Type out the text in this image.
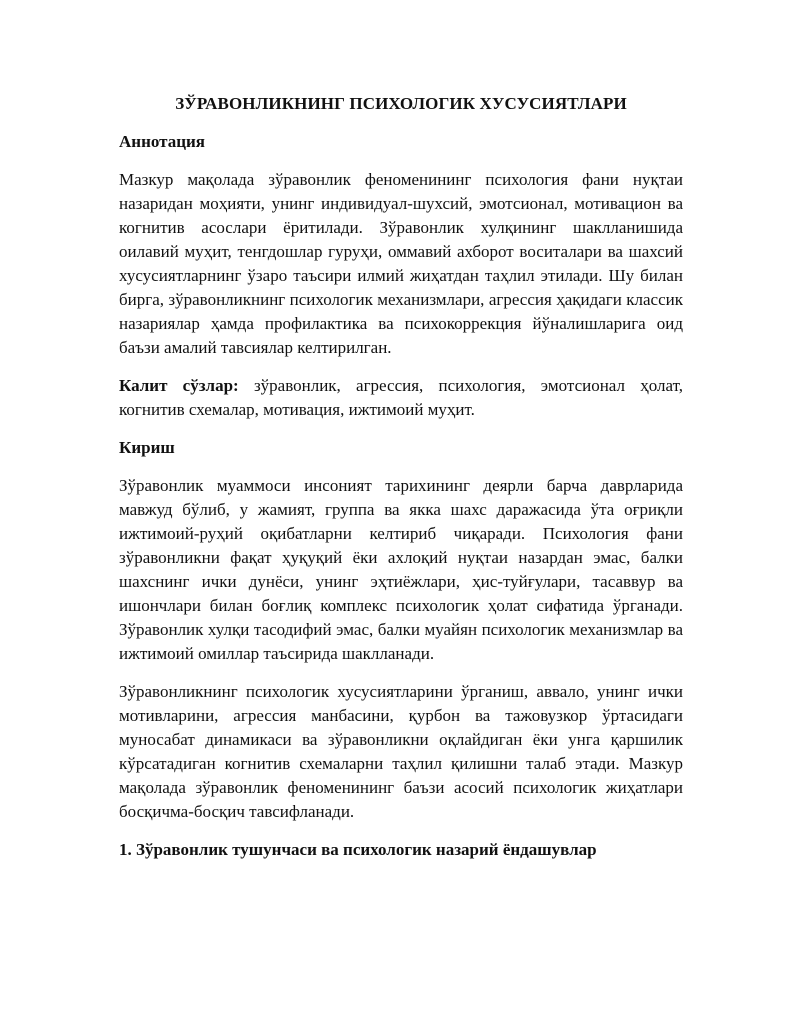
ЗЎРАВОНЛИКНИНГ ПСИХОЛОГИК ХУСУСИЯТЛАРИ
Аннотация
Мазкур мақолада зўравонлик феноменининг психология фани нуқтаи назаридан моҳияти, унинг индивидуал-шухсий, эмотсионал, мотивацион ва когнитив асослари ёритилади. Зўравонлик хулқининг шаклланишида оилавий муҳит, тенгдошлар гуруҳи, оммавий ахборот воситалари ва шахсий хусусиятларнинг ўзаро таъсири илмий жиҳатдан таҳлил этилади. Шу билан бирга, зўравонликнинг психологик механизмлари, агрессия ҳақидаги классик назариялар ҳамда профилактика ва психокоррекция йўналишларига оид баъзи амалий тавсиялар келтирилган.
Калит сўзлар: зўравонлик, агрессия, психология, эмотсионал ҳолат, когнитив схемалар, мотивация, ижтимоий муҳит.
Кириш
Зўравонлик муаммоси инсоният тарихининг деярли барча даврларида мавжуд бўлиб, у жамият, группа ва якка шахс даражасида ўта оғриқли ижтимоий-руҳий оқибатларни келтириб чиқаради. Психология фани зўравонликни фақат ҳуқуқий ёки ахлоқий нуқтаи назардан эмас, балки шахснинг ички дунёси, унинг эҳтиёжлари, ҳис-туйғулари, тасаввур ва ишончлари билан боғлиқ комплекс психологик ҳолат сифатида ўрганади. Зўравонлик хулқи тасодифий эмас, балки муайян психологик механизмлар ва ижтимоий омиллар таъсирида шаклланади.
Зўравонликнинг психологик хусусиятларини ўрганиш, аввало, унинг ички мотивларини, агрессия манбасини, қурбон ва тажовузкор ўртасидаги муносабат динамикаси ва зўравонликни оқлайдиган ёки унга қаршилик кўрсатадиган когнитив схемаларни таҳлил қилишни талаб этади. Мазкур мақолада зўравонлик феноменининг баъзи асосий психологик жиҳатлари босқичма-босқич тавсифланади.
1. Зўравонлик тушунчаси ва психологик назарий ёндашувлар
